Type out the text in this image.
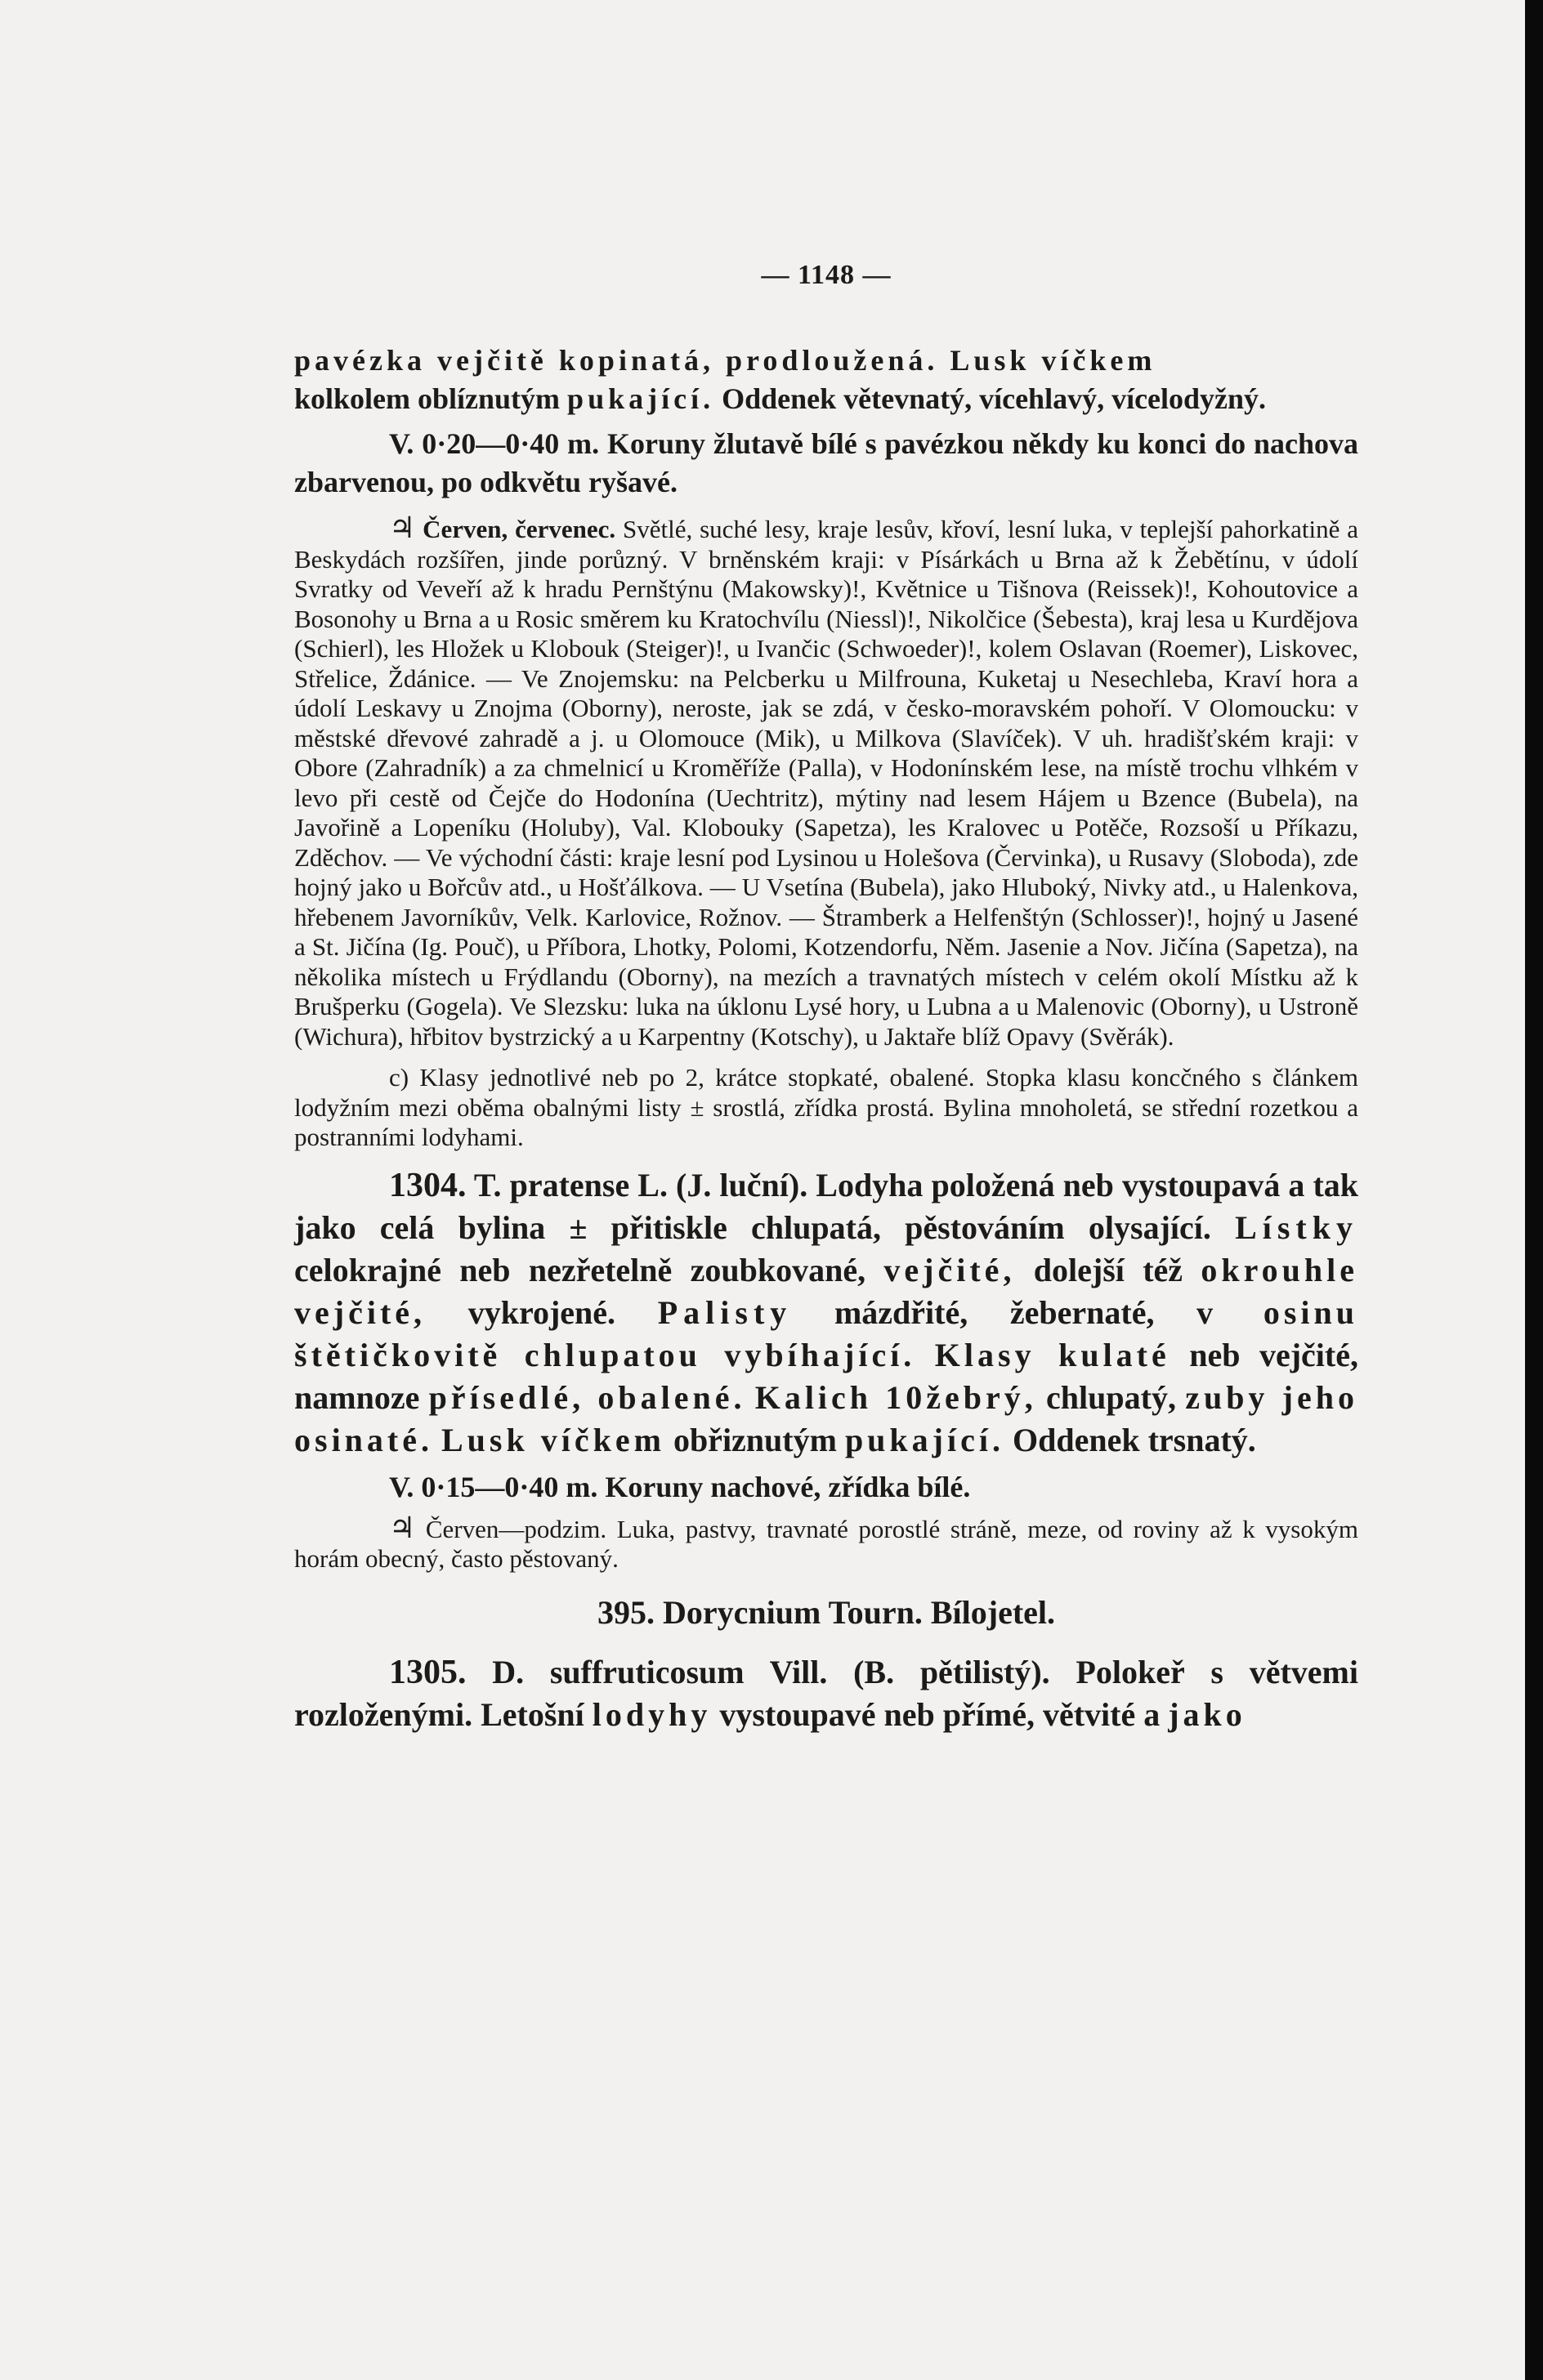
— 1148 —

pavézka vejčitě kopinatá, prodloužená. Lusk víčkem
kolkolem oblíznutým pukající. Oddenek větevnatý, vícehlavý, vícelodyžný.

V. 0·20—0·40 m. Koruny žlutavě bílé s pavézkou někdy ku konci do nachova zbarvenou, po odkvětu ryšavé.

♃ Červen, červenec. Světlé, suché lesy, kraje lesův, křoví, lesní luka, v teplejší pahorkatině a Beskydách rozšířen, jinde porůzný. V brněnském kraji: v Písárkách u Brna až k Žebětínu, v údolí Svratky od Veveří až k hradu Pernštýnu (Makowsky)!, Květnice u Tišnova (Reissek)!, Kohoutovice a Bosonohy u Brna a u Rosic směrem ku Kratochvílu (Niessl)!, Nikolčice (Šebesta), kraj lesa u Kurdějova (Schierl), les Hložek u Klobouk (Steiger)!, u Ivančic (Schwoeder)!, kolem Oslavan (Roemer), Liskovec, Střelice, Ždánice. — Ve Znojemsku: na Pelcberku u Milfrouna, Kuketaj u Nesechleba, Kraví hora a údolí Leskavy u Znojma (Oborny), neroste, jak se zdá, v česko-moravském pohoří. V Olomoucku: v městské dřevové zahradě a j. u Olomouce (Mik), u Milkova (Slavíček). V uh. hradišťském kraji: v Obore (Zahradník) a za chmelnicí u Kroměříže (Palla), v Hodonínském lese, na místě trochu vlhkém v levo při cestě od Čejče do Hodonína (Uechtritz), mýtiny nad lesem Hájem u Bzence (Bubela), na Javořině a Lopeníku (Holuby), Val. Klobouky (Sapetza), les Kralovec u Potěče, Rozsoší u Příkazu, Zděchov. — Ve východní části: kraje lesní pod Lysinou u Holešova (Červinka), u Rusavy (Sloboda), zde hojný jako u Bořcův atd., u Hošťálkova. — U Vsetína (Bubela), jako Hluboký, Nivky atd., u Halenkova, hřebenem Javorníkův, Velk. Karlovice, Rožnov. — Štramberk a Helfenštýn (Schlosser)!, hojný u Jasené a St. Jičína (Ig. Pouč), u Příbora, Lhotky, Polomi, Kotzendorfu, Něm. Jasenie a Nov. Jičína (Sapetza), na několika místech u Frýdlandu (Oborny), na mezích a travnatých místech v celém okolí Místku až k Brušperku (Gogela). Ve Slezsku: luka na úklonu Lysé hory, u Lubna a u Malenovic (Oborny), u Ustroně (Wichura), hřbitov bystrzický a u Karpentny (Kotschy), u Jaktaře blíž Opavy (Svěrák).

c) Klasy jednotlivé neb po 2, krátce stopkaté, obalené. Stopka klasu koncčného s článkem lodyžním mezi oběma obalnými listy ± srostlá, zřídka prostá. Bylina mnoholetá, se střední rozetkou a postranními lodyhami.

1304. T. pratense L. (J. luční). Lodyha položená neb vystoupavá a tak jako celá bylina ± přitiskle chlupatá, pěstováním olysající. Lístky celokrajné neb nezřetelně zoubkované, vejčité, dolejší též okrouhle vejčité, vykrojené. Palisty mázdřité, žebernaté, v osinu štětičkovitě chlupatou vybíhající. Klasy kulaté neb vejčité, namnoze přísedlé, obalené. Kalich 10žebrý, chlupatý, zuby jeho osinaté. Lusk víčkem obřiznutým pukající. Oddenek trsnatý.

V. 0·15—0·40 m. Koruny nachové, zřídka bílé.

♃ Červen—podzim. Luka, pastvy, travnaté porostlé stráně, meze, od roviny až k vysokým horám obecný, často pěstovaný.

395. Dorycnium Tourn. Bílojetel.

1305. D. suffruticosum Vill. (B. pětilistý). Polokeř s větvemi rozloženými. Letošní lodyhy vystoupavé neb přímé, větvité a jako
